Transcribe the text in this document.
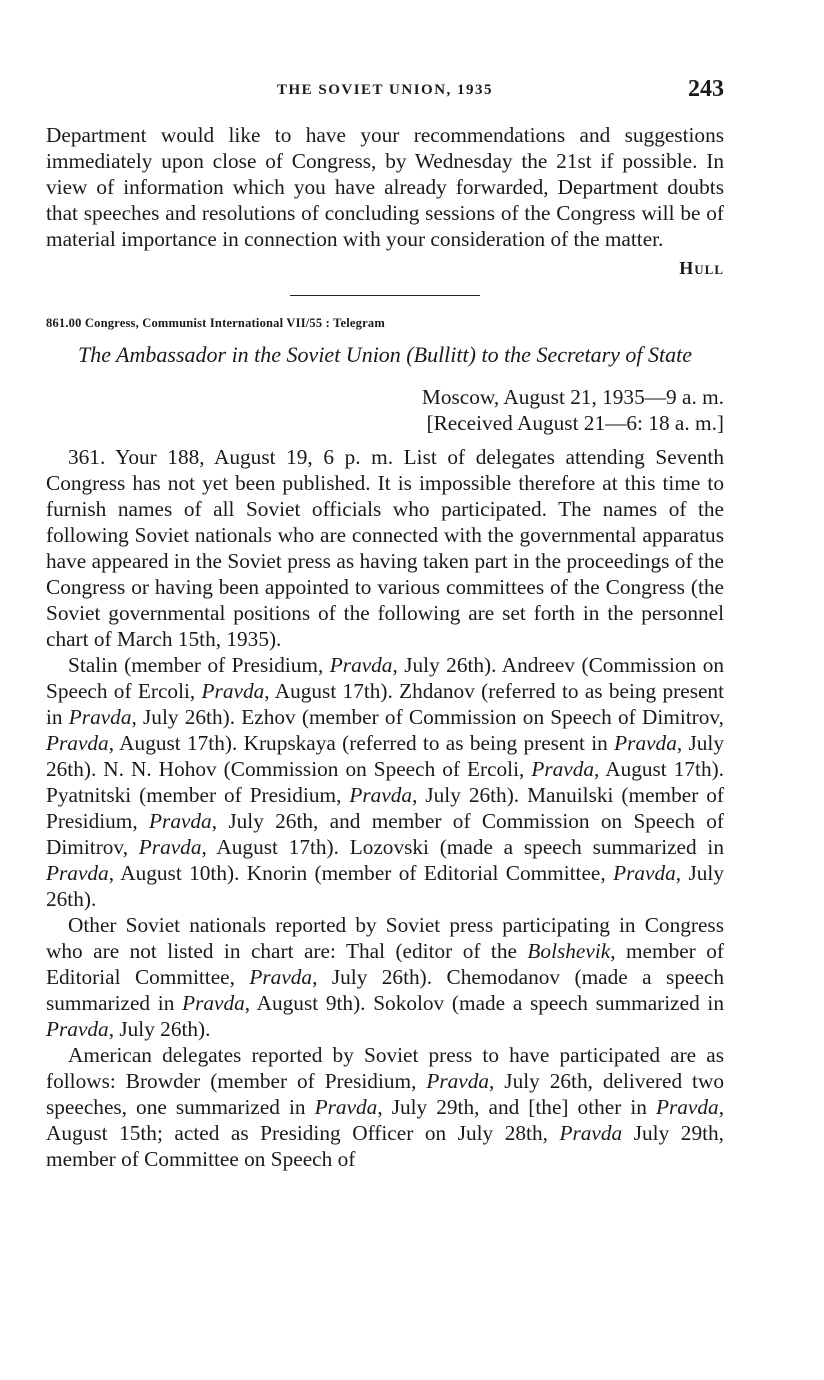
THE SOVIET UNION, 1935	243

Department would like to have your recommendations and suggestions immediately upon close of Congress, by Wednesday the 21st if possible. In view of information which you have already forwarded, Department doubts that speeches and resolutions of concluding sessions of the Congress will be of material importance in connection with your consideration of the matter.

Hull
861.00 Congress, Communist International VII/55 : Telegram
The Ambassador in the Soviet Union (Bullitt) to the Secretary of State
Moscow, August 21, 1935—9 a. m.
[Received August 21—6: 18 a. m.]

361. Your 188, August 19, 6 p. m. List of delegates attending Seventh Congress has not yet been published. It is impossible therefore at this time to furnish names of all Soviet officials who participated. The names of the following Soviet nationals who are connected with the governmental apparatus have appeared in the Soviet press as having taken part in the proceedings of the Congress or having been appointed to various committees of the Congress (the Soviet governmental positions of the following are set forth in the personnel chart of March 15th, 1935).

Stalin (member of Presidium, Pravda, July 26th). Andreev (Commission on Speech of Ercoli, Pravda, August 17th). Zhdanov (referred to as being present in Pravda, July 26th). Ezhov (member of Commission on Speech of Dimitrov, Pravda, August 17th). Krupskaya (referred to as being present in Pravda, July 26th). N. N. Hohov (Commission on Speech of Ercoli, Pravda, August 17th). Pyatnitski (member of Presidium, Pravda, July 26th). Manuilski (member of Presidium, Pravda, July 26th, and member of Commission on Speech of Dimitrov, Pravda, August 17th). Lozovski (made a speech summarized in Pravda, August 10th). Knorin (member of Editorial Committee, Pravda, July 26th).

Other Soviet nationals reported by Soviet press participating in Congress who are not listed in chart are: Thal (editor of the Bolshevik, member of Editorial Committee, Pravda, July 26th). Chemodanov (made a speech summarized in Pravda, August 9th). Sokolov (made a speech summarized in Pravda, July 26th).

American delegates reported by Soviet press to have participated are as follows: Browder (member of Presidium, Pravda, July 26th, delivered two speeches, one summarized in Pravda, July 29th, and [the] other in Pravda, August 15th; acted as Presiding Officer on July 28th, Pravda July 29th, member of Committee on Speech of
